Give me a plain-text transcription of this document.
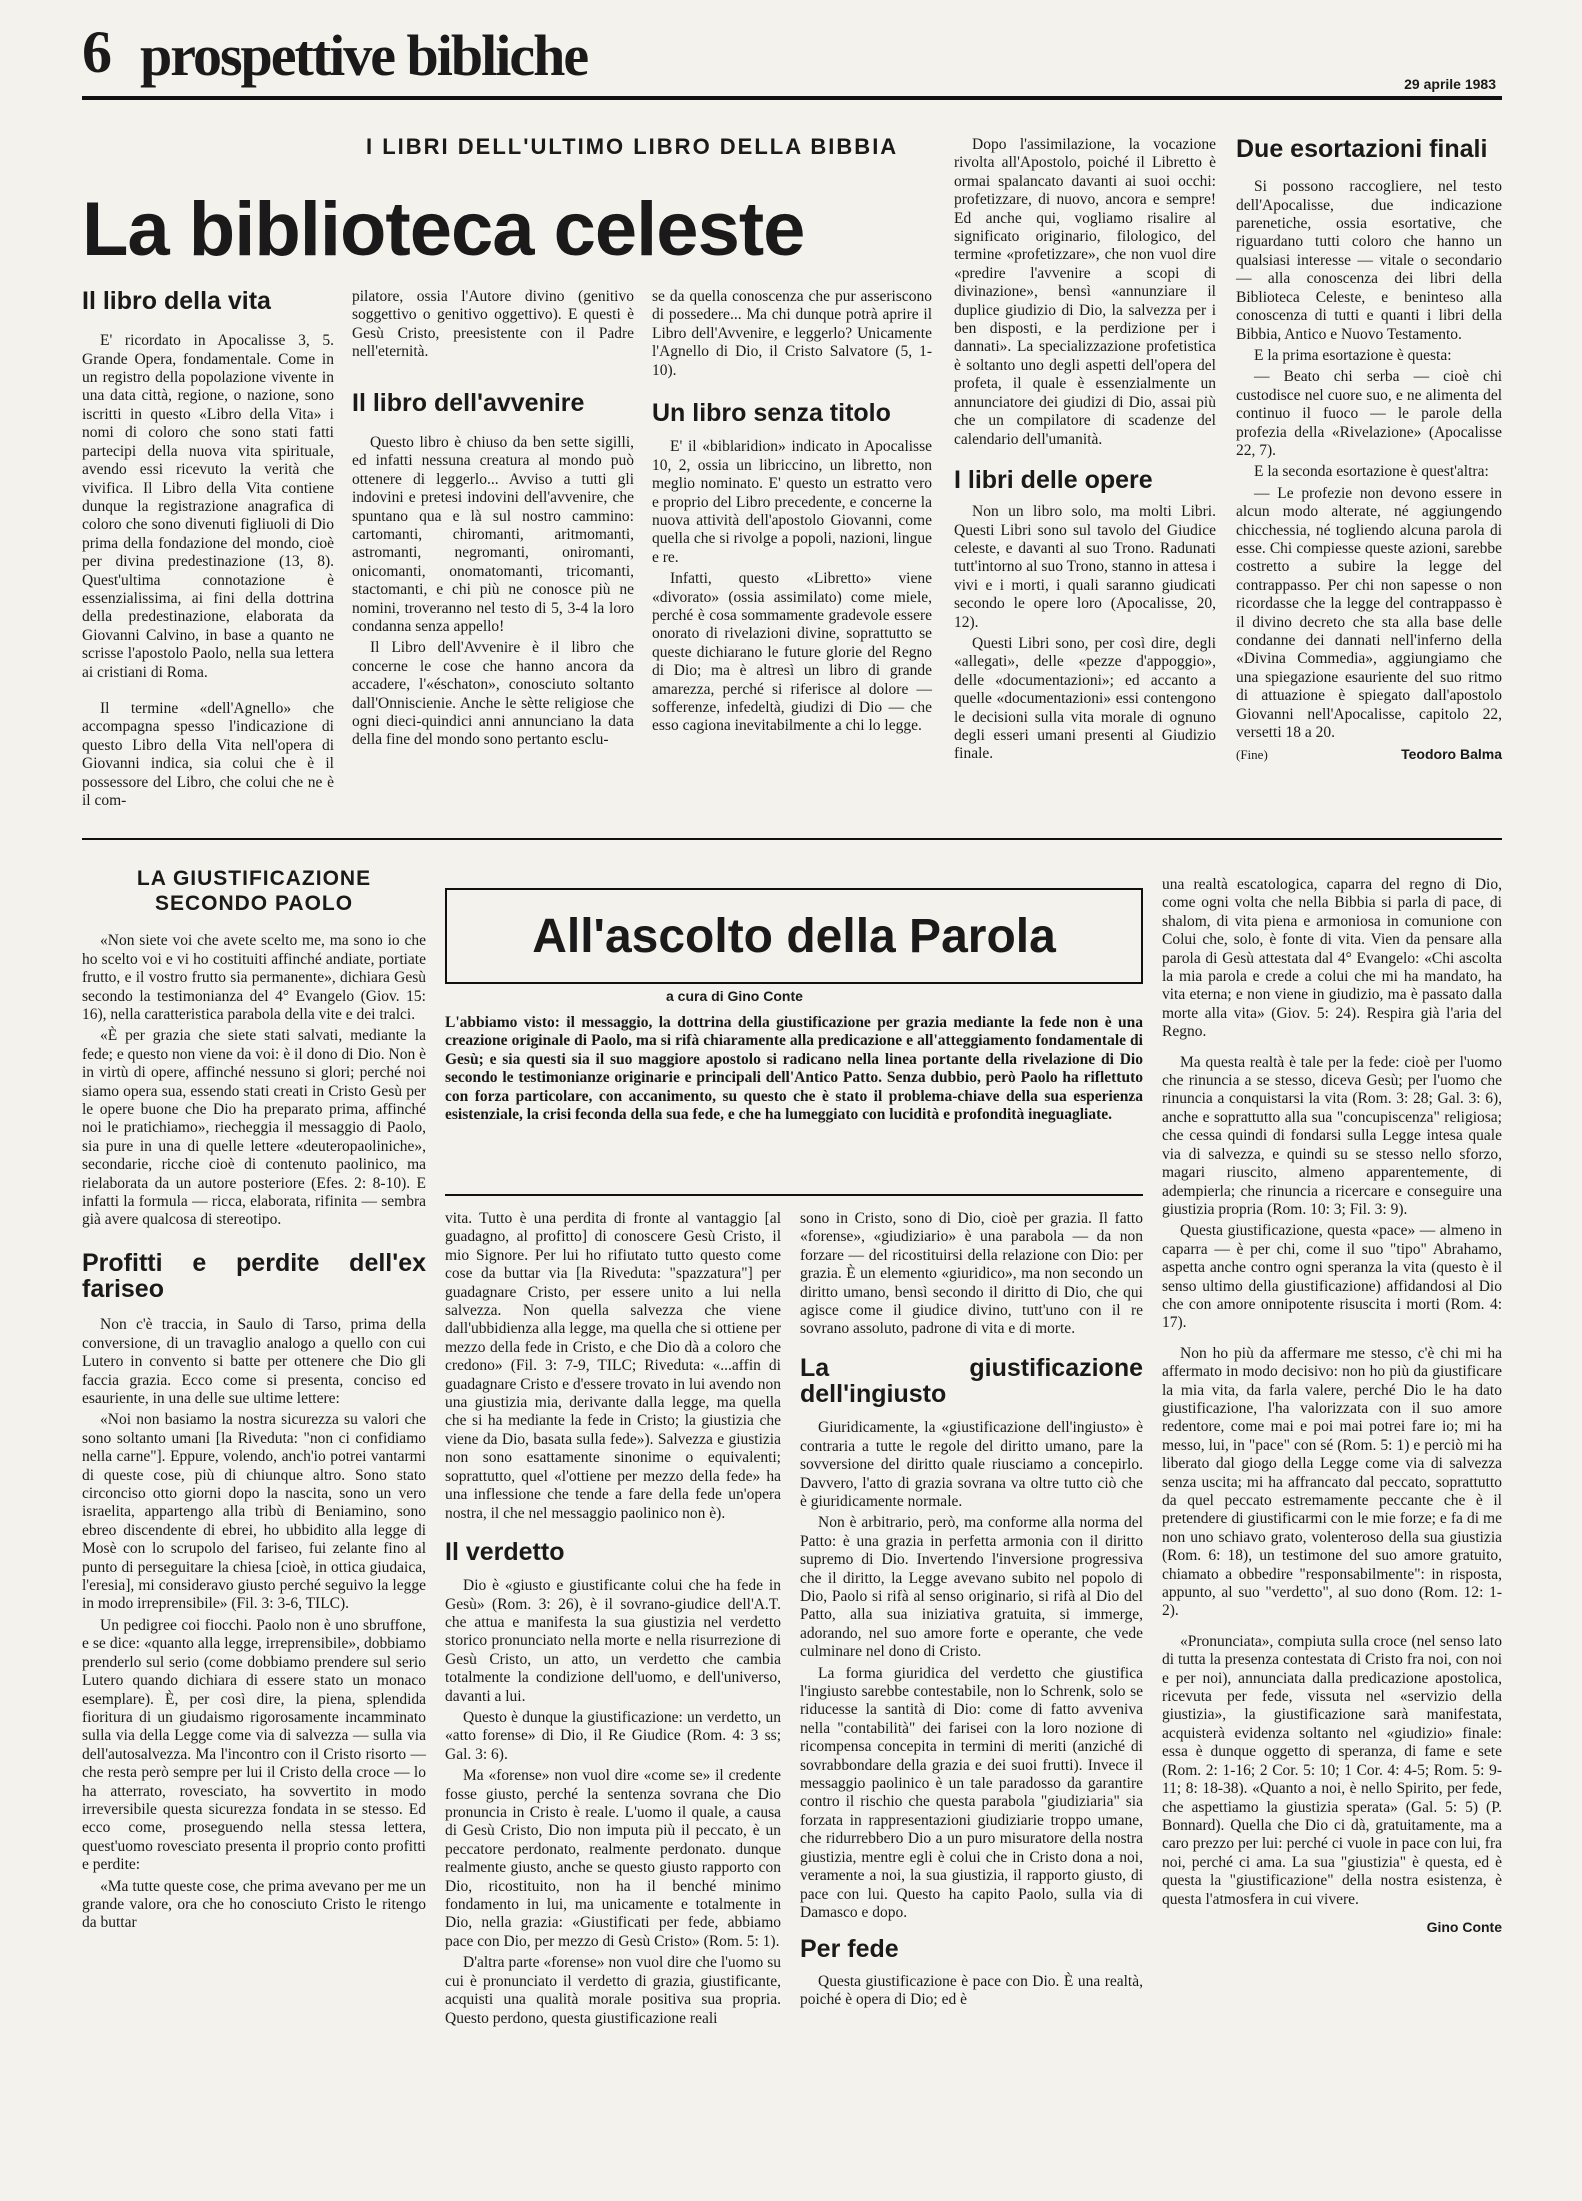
6 prospettive bibliche	29 aprile 1983
I LIBRI DELL'ULTIMO LIBRO DELLA BIBBIA
La biblioteca celeste
Il libro della vita

E' ricordato in Apocalisse 3, 5. Grande Opera, fondamentale. Come in un registro della popolazione vivente in una data città, regione, o nazione, sono iscritti in questo «Libro della Vita» i nomi di coloro che sono stati fatti partecipi della nuova vita spirituale, avendo essi ricevuto la verità che vivifica. Il Libro della Vita contiene dunque la registrazione anagrafica di coloro che sono divenuti figliuoli di Dio prima della fondazione del mondo, cioè per divina predestinazione (13, 8). Quest'ultima connotazione è essenzialissima, ai fini della dottrina della predestinazione, elaborata da Giovanni Calvino, in base a quanto ne scrisse l'apostolo Paolo, nella sua lettera ai cristiani di Roma.

Il termine «dell'Agnello» che accompagna spesso l'indicazione di questo Libro della Vita nell'opera di Giovanni indica, sia colui che è il possessore del Libro, che colui che ne è il com-

pilatore, ossia l'Autore divino (genitivo soggettivo o genitivo oggettivo). E questi è Gesù Cristo, preesistente con il Padre nell'eternità.

Il libro dell'avvenire

Questo libro è chiuso da ben sette sigilli, ed infatti nessuna creatura al mondo può ottenere di leggerlo... Avviso a tutti gli indovini e pretesi indovini dell'avvenire, che spuntano qua e là sul nostro cammino: cartomanti, chiromanti, aritmomanti, astromanti, negromanti, oniromanti, onicomanti, onomatomanti, tricomanti, stactomanti, e chi più ne conosce più ne nomini, troveranno nel testo di 5, 3-4 la loro condanna senza appello!

Il Libro dell'Avvenire è il libro che concerne le cose che hanno ancora da accadere, l'«éschaton», conosciuto soltanto dall'Onniscienie. Anche le sètte religiose che ogni dieci-quindici anni annunciano la data della fine del mondo sono pertanto esclu-

se da quella conoscenza che pur asseriscono di possedere... Ma chi dunque potrà aprire il Libro dell'Avvenire, e leggerlo? Unicamente l'Agnello di Dio, il Cristo Salvatore (5, 1-10).

Un libro senza titolo

E' il «biblaridion» indicato in Apocalisse 10, 2, ossia un libriccino, un libretto, non meglio nominato. E' questo un estratto vero e proprio del Libro precedente, e concerne la nuova attività dell'apostolo Giovanni, come quella che si rivolge a popoli, nazioni, lingue e re.

Infatti, questo «Libretto» viene «divorato» (ossia assimilato) come miele, perché è cosa sommamente gradevole essere onorato di rivelazioni divine, soprattutto se queste dichiarano le future glorie del Regno di Dio; ma è altresì un libro di grande amarezza, perché si riferisce al dolore — sofferenze, infedeltà, giudizi di Dio — che esso cagiona inevitabilmente a chi lo legge.

Dopo l'assimilazione, la vocazione rivolta all'Apostolo, poiché il Libretto è ormai spalancato davanti ai suoi occhi: profetizzare, di nuovo, ancora e sempre! Ed anche qui, vogliamo risalire al significato originario, filologico, del termine «profetizzare», che non vuol dire «predire l'avvenire a scopi di divinazione», bensì «annunziare il duplice giudizio di Dio, la salvezza per i ben disposti, e la perdizione per i dannati». La specializzazione profetistica è soltanto uno degli aspetti dell'opera del profeta, il quale è essenzialmente un annunciatore dei giudizi di Dio, assai più che un compilatore di scadenze del calendario dell'umanità.

I libri delle opere

Non un libro solo, ma molti Libri. Questi Libri sono sul tavolo del Giudice celeste, e davanti al suo Trono. Radunati tutt'intorno al suo Trono, stanno in attesa i vivi e i morti, i quali saranno giudicati secondo le opere loro (Apocalisse, 20, 12).

Questi Libri sono, per così dire, degli «allegati», delle «pezze d'appoggio», delle «documentazioni»; ed accanto a quelle «documentazioni» essi contengono le decisioni sulla vita morale di ognuno degli esseri umani presenti al Giudizio finale.

Due esortazioni finali

Si possono raccogliere, nel testo dell'Apocalisse, due indicazione parenetiche, ossia esortative, che riguardano tutti coloro che hanno un qualsiasi interesse — vitale o secondario — alla conoscenza dei libri della Biblioteca Celeste, e beninteso alla conoscenza di tutti e quanti i libri della Bibbia, Antico e Nuovo Testamento.

E la prima esortazione è questa:

— Beato chi serba — cioè chi custodisce nel cuore suo, e ne alimenta del continuo il fuoco — le parole della profezia della «Rivelazione» (Apocalisse 22, 7).

E la seconda esortazione è quest'altra:

— Le profezie non devono essere in alcun modo alterate, né aggiungendo chicchessia, né togliendo alcuna parola di esse. Chi compiesse queste azioni, sarebbe costretto a subire la legge del contrappasso. Per chi non sapesse o non ricordasse che la legge del contrappasso è il divino decreto che sta alla base delle condanne dei dannati nell'inferno della «Divina Commedia», aggiungiamo che una spiegazione esauriente del suo ritmo di attuazione è spiegato dall'apostolo Giovanni nell'Apocalisse, capitolo 22, versetti 18 a 20.

(Fine)	Teodoro Balma
LA GIUSTIFICAZIONE SECONDO PAOLO

«Non siete voi che avete scelto me, ma sono io che ho scelto voi e vi ho costituiti affinché andiate, portiate frutto, e il vostro frutto sia permanente», dichiara Gesù secondo la testimonianza del 4° Evangelo (Giov. 15: 16), nella caratteristica parabola della vite e dei tralci.

«È per grazia che siete stati salvati, mediante la fede; e questo non viene da voi: è il dono di Dio. Non è in virtù di opere, affinché nessuno si glori; perché noi siamo opera sua, essendo stati creati in Cristo Gesù per le opere buone che Dio ha preparato prima, affinché noi le pratichiamo», riecheggia il messaggio di Paolo, sia pure in una di quelle lettere «deuteropaoliniche», secondarie, ricche cioè di contenuto paolinico, ma rielaborata da un autore posteriore (Efes. 2: 8-10). E infatti la formula — ricca, elaborata, rifinita — sembra già avere qualcosa di stereotipo.

Profitti e perdite dell'ex fariseo

Non c'è traccia, in Saulo di Tarso, prima della conversione, di un travaglio analogo a quello con cui Lutero in convento si batte per ottenere che Dio gli faccia grazia. Ecco come si presenta, conciso ed esauriente, in una delle sue ultime lettere:

«Noi non basiamo la nostra sicurezza su valori che sono soltanto umani [la Riveduta: "non ci confidiamo nella carne"]. Eppure, volendo, anch'io potrei vantarmi di queste cose, più di chiunque altro. Sono stato circonciso otto giorni dopo la nascita, sono un vero israelita, appartengo alla tribù di Beniamino, sono ebreo discendente di ebrei, ho ubbidito alla legge di Mosè con lo scrupolo del fariseo, fui zelante fino al punto di perseguitare la chiesa [cioè, in ottica giudaica, l'eresia], mi consideravo giusto perché seguivo la legge in modo irreprensibile» (Fil. 3: 3-6, TILC).

Un pedigree coi fiocchi. Paolo non è uno sbruffone, e se dice: «quanto alla legge, irreprensibile», dobbiamo prenderlo sul serio (come dobbiamo prendere sul serio Lutero quando dichiara di essere stato un monaco esemplare). È, per così dire, la piena, splendida fioritura di un giudaismo rigorosamente incamminato sulla via della Legge come via di salvezza — sulla via dell'autosalvezza. Ma l'incontro con il Cristo risorto — che resta però sempre per lui il Cristo della croce — lo ha atterrato, rovesciato, ha sovvertito in modo irreversibile questa sicurezza fondata in se stesso. Ed ecco come, proseguendo nella stessa lettera, quest'uomo rovesciato presenta il proprio conto profitti e perdite:

«Ma tutte queste cose, che prima avevano per me un grande valore, ora che ho conosciuto Cristo le ritengo da buttar

All'ascolto della Parola
a cura di Gino Conte
L'abbiamo visto: il messaggio, la dottrina della giustificazione per grazia mediante la fede non è una creazione originale di Paolo, ma si rifà chiaramente alla predicazione e all'atteggiamento fondamentale di Gesù; e sia questi sia il suo maggiore apostolo si radicano nella linea portante della rivelazione di Dio secondo le testimonianze originarie e principali dell'Antico Patto. Senza dubbio, però Paolo ha riflettuto con forza particolare, con accanimento, su questo che è stato il problema-chiave della sua esperienza esistenziale, la crisi feconda della sua fede, e che ha lumeggiato con lucidità e profondità ineguagliate.

vita. Tutto è una perdita di fronte al vantaggio [al guadagno, al profitto] di conoscere Gesù Cristo, il mio Signore. Per lui ho rifiutato tutto questo come cose da buttar via [la Riveduta: "spazzatura"] per guadagnare Cristo, per essere unito a lui nella salvezza. Non quella salvezza che viene dall'ubbidienza alla legge, ma quella che si ottiene per mezzo della fede in Cristo, e che Dio dà a coloro che credono» (Fil. 3: 7-9, TILC; Riveduta: «...affin di guadagnare Cristo e d'essere trovato in lui avendo non una giustizia mia, derivante dalla legge, ma quella che si ha mediante la fede in Cristo; la giustizia che viene da Dio, basata sulla fede»). Salvezza e giustizia non sono esattamente sinonime o equivalenti; soprattutto, quel «l'ottiene per mezzo della fede» ha una inflessione che tende a fare della fede un'opera nostra, il che nel messaggio paolinico non è).

Il verdetto

Dio è «giusto e giustificante colui che ha fede in Gesù» (Rom. 3: 26), è il sovrano-giudice dell'A.T. che attua e manifesta la sua giustizia nel verdetto storico pronunciato nella morte e nella risurrezione di Gesù Cristo, un atto, un verdetto che cambia totalmente la condizione dell'uomo, e dell'universo, davanti a lui.

Questo è dunque la giustificazione: un verdetto, un «atto forense» di Dio, il Re Giudice (Rom. 4: 3 ss; Gal. 3: 6).

Ma «forense» non vuol dire «come se» il credente fosse giusto, perché la sentenza sovrana che Dio pronuncia in Cristo è reale. L'uomo il quale, a causa di Gesù Cristo, Dio non imputa più il peccato, è un peccatore perdonato, realmente perdonato. dunque realmente giusto, anche se questo giusto rapporto con Dio, ricostituito, non ha il benché minimo fondamento in lui, ma unicamente e totalmente in Dio, nella grazia: «Giustificati per fede, abbiamo pace con Dio, per mezzo di Gesù Cristo» (Rom. 5: 1).

D'altra parte «forense» non vuol dire che l'uomo su cui è pronunciato il verdetto di grazia, giustificante, acquisti una qualità morale positiva sua propria. Questo perdono, questa giustificazione reali

sono in Cristo, sono di Dio, cioè per grazia. Il fatto «forense», «giudiziario» è una parabola — da non forzare — del ricostituirsi della relazione con Dio: per grazia. È un elemento «giuridico», ma non secondo un diritto umano, bensì secondo il diritto di Dio, che qui agisce come il giudice divino, tutt'uno con il re sovrano assoluto, padrone di vita e di morte.

La giustificazione dell'ingiusto

Giuridicamente, la «giustificazione dell'ingiusto» è contraria a tutte le regole del diritto umano, pare la sovversione del diritto quale riusciamo a concepirlo. Davvero, l'atto di grazia sovrana va oltre tutto ciò che è giuridicamente normale.

Non è arbitrario, però, ma conforme alla norma del Patto: è una grazia in perfetta armonia con il diritto supremo di Dio. Invertendo l'inversione progressiva che il diritto, la Legge avevano subito nel popolo di Dio, Paolo si rifà al senso originario, si rifà al Dio del Patto, alla sua iniziativa gratuita, si immerge, adorando, nel suo amore forte e operante, che vede culminare nel dono di Cristo.

La forma giuridica del verdetto che giustifica l'ingiusto sarebbe contestabile, non lo Schrenk, solo se riducesse la santità di Dio: come di fatto avveniva nella "contabilità" dei farisei con la loro nozione di ricompensa concepita in termini di meriti (anziché di sovrabbondare della grazia e dei suoi frutti). Invece il messaggio paolinico è un tale paradosso da garantire contro il rischio che questa parabola "giudiziaria" sia forzata in rappresentazioni giudiziarie troppo umane, che ridurrebbero Dio a un puro misuratore della nostra giustizia, mentre egli è colui che in Cristo dona a noi, veramente a noi, la sua giustizia, il rapporto giusto, di pace con lui. Questo ha capito Paolo, sulla via di Damasco e dopo.

Per fede

Questa giustificazione è pace con Dio. È una realtà, poiché è opera di Dio; ed è

una realtà escatologica, caparra del regno di Dio, come ogni volta che nella Bibbia si parla di pace, di shalom, di vita piena e armoniosa in comunione con Colui che, solo, è fonte di vita. Vien da pensare alla parola di Gesù attestata dal 4° Evangelo: «Chi ascolta la mia parola e crede a colui che mi ha mandato, ha vita eterna; e non viene in giudizio, ma è passato dalla morte alla vita» (Giov. 5: 24). Respira già l'aria del Regno.

Ma questa realtà è tale per la fede: cioè per l'uomo che rinuncia a se stesso, diceva Gesù; per l'uomo che rinuncia a conquistarsi la vita (Rom. 3: 28; Gal. 3: 6), anche e soprattutto alla sua "concupiscenza" religiosa; che cessa quindi di fondarsi sulla Legge intesa quale via di salvezza, e quindi su se stesso nello sforzo, magari riuscito, almeno apparentemente, di adempierla; che rinuncia a ricercare e conseguire una giustizia propria (Rom. 10: 3; Fil. 3: 9).

Questa giustificazione, questa «pace» — almeno in caparra — è per chi, come il suo "tipo" Abrahamo, aspetta anche contro ogni speranza la vita (questo è il senso ultimo della giustificazione) affidandosi al Dio che con amore onnipotente risuscita i morti (Rom. 4: 17).

Non ho più da affermare me stesso, c'è chi mi ha affermato in modo decisivo: non ho più da giustificare la mia vita, da farla valere, perché Dio le ha dato giustificazione, l'ha valorizzata con il suo amore redentore, come mai e poi mai potrei fare io; mi ha messo, lui, in "pace" con sé (Rom. 5: 1) e perciò mi ha liberato dal giogo della Legge come via di salvezza senza uscita; mi ha affrancato dal peccato, soprattutto da quel peccato estremamente peccante che è il pretendere di giustificarmi con le mie forze; e fa di me non uno schiavo grato, volenteroso della sua giustizia (Rom. 6: 18), un testimone del suo amore gratuito, chiamato a obbedire "responsabilmente": in risposta, appunto, al suo "verdetto", al suo dono (Rom. 12: 1-2).

«Pronunciata», compiuta sulla croce (nel senso lato di tutta la presenza contestata di Cristo fra noi, con noi e per noi), annunciata dalla predicazione apostolica, ricevuta per fede, vissuta nel «servizio della giustizia», la giustificazione sarà manifestata, acquisterà evidenza soltanto nel «giudizio» finale: essa è dunque oggetto di speranza, di fame e sete (Rom. 2: 1-16; 2 Cor. 5: 10; 1 Cor. 4: 4-5; Rom. 5: 9-11; 8: 18-38). «Quanto a noi, è nello Spirito, per fede, che aspettiamo la giustizia sperata» (Gal. 5: 5) (P. Bonnard). Quella che Dio ci dà, gratuitamente, ma a caro prezzo per lui: perché ci vuole in pace con lui, fra noi, perché ci ama. La sua "giustizia" è questa, ed è questa la "giustificazione" della nostra esistenza, è questa l'atmosfera in cui vivere.

Gino Conte
